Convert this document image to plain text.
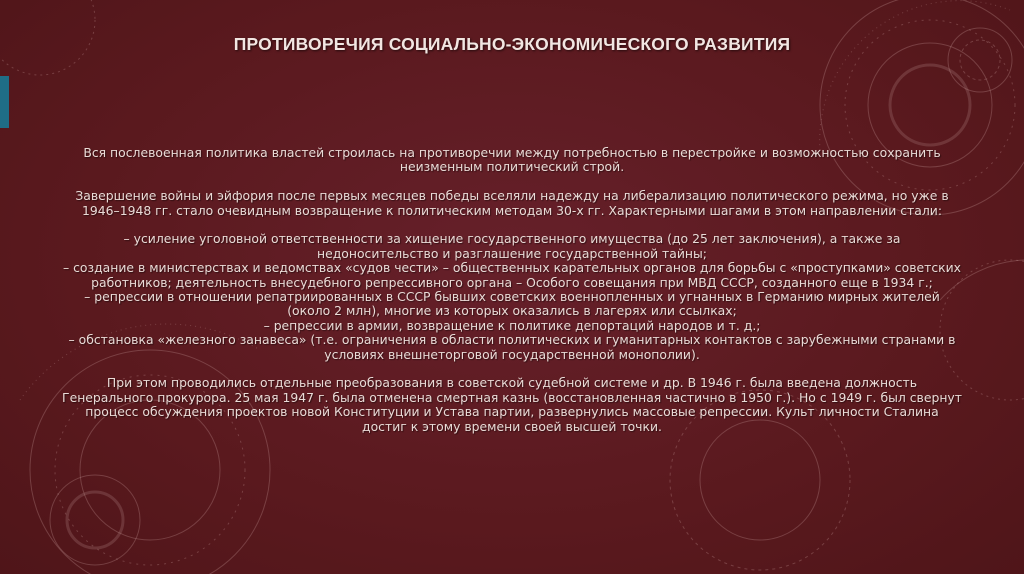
ПРОТИВОРЕЧИЯ СОЦИАЛЬНО-ЭКОНОМИЧЕСКОГО РАЗВИТИЯ

Вся послевоенная политика властей строилась на противоречии между потребностью в перестройке и возможностью сохранить неизменным политический строй.

Завершение войны и эйфория после первых месяцев победы вселяли надежду на либерализацию политического режима, но уже в 1946–1948 гг. стало очевидным возвращение к политическим методам 30-х гг. Характерными шагами в этом направлении стали:

– усиление уголовной ответственности за хищение государственного имущества (до 25 лет заключения), а также за недоносительство и разглашение государственной тайны;
– создание в министерствах и ведомствах «судов чести» – общественных карательных органов для борьбы с «проступками» советских работников; деятельность внесудебного репрессивного органа – Особого совещания при МВД СССР, созданного еще в 1934 г.;
– репрессии в отношении репатриированных в СССР бывших советских военнопленных и угнанных в Германию мирных жителей (около 2 млн), многие из которых оказались в лагерях или ссылках;
– репрессии в армии, возвращение к политике депортаций народов и т. д.;
– обстановка «железного занавеса» (т.е. ограничения в области политических и гуманитарных контактов с зарубежными странами в условиях внешнеторговой государственной монополии).

При этом проводились отдельные преобразования в советской судебной системе и др. В 1946 г. была введена должность Генерального прокурора. 25 мая 1947 г. была отменена смертная казнь (восстановленная частично в 1950 г.). Но с 1949 г. был свернут процесс обсуждения проектов новой Конституции и Устава партии, развернулись массовые репрессии. Культ личности Сталина достиг к этому времени своей высшей точки.
